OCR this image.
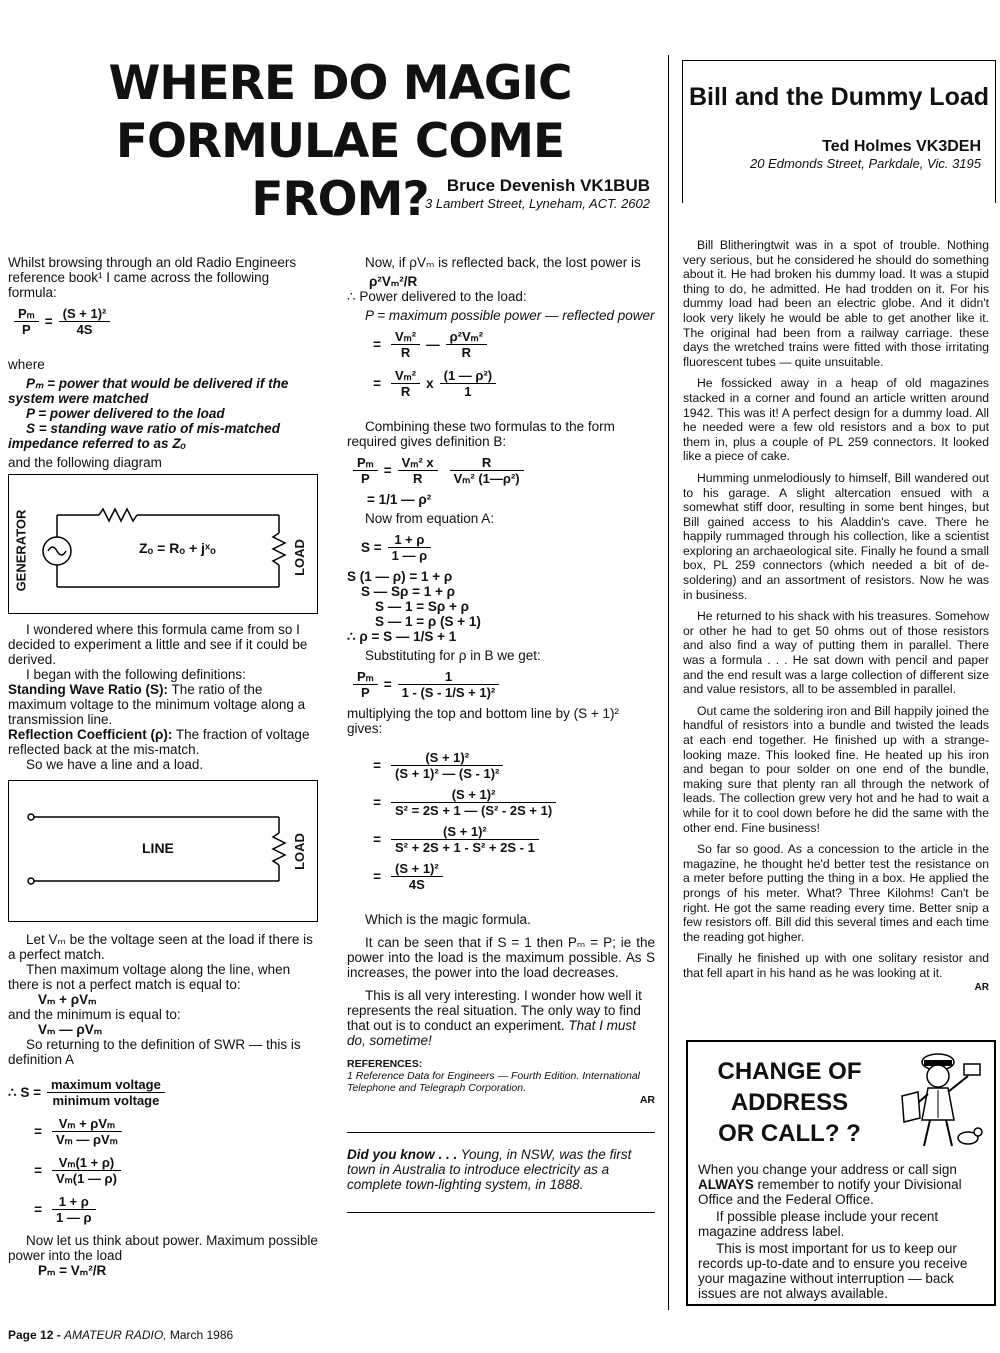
WHERE DO MAGIC
FORMULAE COME FROM?	Bruce Devenish VK1BUB
3 Lambert Street, Lyneham, ACT. 2602

Whilst browsing through an old Radio Engineers reference book¹ I came across the following formula:

Pₘ
P
=
(S + 1)²
4S

where

Pₘ = power that would be delivered if the system were matched

P = power delivered to the load

S = standing wave ratio of mis-matched impedance referred to as Zₒ

and the following diagram

GENERATOR	Zₒ = Rₒ + jˣₒ	LOAD

I wondered where this formula came from so I decided to experiment a little and see if it could be derived.

I began with the following definitions:

Standing Wave Ratio (S): The ratio of the maximum voltage to the minimum voltage along a transmission line.

Reflection Coefficient (ρ): The fraction of voltage reflected back at the mis-match.

So we have a line and a load.

LINE	LOAD

Let Vₘ be the voltage seen at the load if there is a perfect match.

Then maximum voltage along the line, when there is not a perfect match is equal to:

Vₘ + ρVₘ

and the minimum is equal to:

Vₘ — ρVₘ

So returning to the definition of SWR — this is definition A

∴ S =
maximum voltage
minimum voltage
=
Vₘ + ρVₘ
Vₘ — ρVₘ
=
Vₘ(1 + ρ)
Vₘ(1 — ρ)
=
1 + ρ
1 — ρ

Now let us think about power. Maximum possible power into the load

Pₘ = Vₘ²/R

Now, if ρVₘ is reflected back, the lost power is

ρ²Vₘ²/R

∴ Power delivered to the load:

P = maximum possible power — reflected power

=
Vₘ²
R
—
ρ²Vₘ²
R
=
Vₘ²
R
x
(1 — ρ²)
1

Combining these two formulas to the form required gives definition B:

Pₘ
P
=
Vₘ² x
R
R
Vₘ² (1—ρ²)

= 1/1 — ρ²

Now from equation A:

S =
1 + ρ
1 — ρ
S (1 — ρ) = 1 + ρ
S — Sρ = 1 + ρ
S — 1 = Sρ + ρ
S — 1 = ρ (S + 1)
∴ ρ = S — 1/S + 1

Substituting for ρ in B we get:

Pₘ
P
=
1
1 - (S - 1/S + 1)²

multiplying the top and bottom line by (S + 1)² gives:

=
(S + 1)²
(S + 1)² — (S - 1)²
=
(S + 1)²
S² = 2S + 1 — (S² - 2S + 1)
=
(S + 1)²
S² + 2S + 1 - S² + 2S - 1
=
(S + 1)²
4S

Which is the magic formula.

It can be seen that if S = 1 then Pₘ = P; ie the power into the load is the maximum possible. As S increases, the power into the load decreases.

This is all very interesting. I wonder how well it represents the real situation. The only way to find that out is to conduct an experiment. That I must do, sometime!

REFERENCES:
1 Reference Data for Engineers — Fourth Edition. International Telephone and Telegraph Corporation.
AR

Did you know . . . Young, in NSW, was the first town in Australia to introduce electricity as a complete town-lighting system, in 1888.

Bill and the Dummy Load
Ted Holmes VK3DEH
20 Edmonds Street, Parkdale, Vic. 3195

Bill Blitheringtwit was in a spot of trouble. Nothing very serious, but he considered he should do something about it. He had broken his dummy load. It was a stupid thing to do, he admitted. He had trodden on it. For his dummy load had been an electric globe. And it didn't look very likely he would be able to get another like it. The original had been from a railway carriage. these days the wretched trains were fitted with those irritating fluorescent tubes — quite unsuitable.

He fossicked away in a heap of old magazines stacked in a corner and found an article written around 1942. This was it! A perfect design for a dummy load. All he needed were a few old resistors and a box to put them in, plus a couple of PL 259 connectors. It looked like a piece of cake.

Humming unmelodiously to himself, Bill wandered out to his garage. A slight altercation ensued with a somewhat stiff door, resulting in some bent hinges, but Bill gained access to his Aladdin's cave. There he happily rummaged through his collection, like a scientist exploring an archaeological site. Finally he found a small box, PL 259 connectors (which needed a bit of de-soldering) and an assortment of resistors. Now he was in business.

He returned to his shack with his treasures. Somehow or other he had to get 50 ohms out of those resistors and also find a way of putting them in parallel. There was a formula . . . He sat down with pencil and paper and the end result was a large collection of different size and value resistors, all to be assembled in parallel.

Out came the soldering iron and Bill happily joined the handful of resistors into a bundle and twisted the leads at each end together. He finished up with a strange-looking maze. This looked fine. He heated up his iron and began to pour solder on one end of the bundle, making sure that plenty ran all through the network of leads. The collection grew very hot and he had to wait a while for it to cool down before he did the same with the other end. Fine business!

So far so good. As a concession to the article in the magazine, he thought he'd better test the resistance on a meter before putting the thing in a box. He applied the prongs of his meter. What? Three Kilohms! Can't be right. He got the same reading every time. Better snip a few resistors off. Bill did this several times and each time the reading got higher.

Finally he finished up with one solitary resistor and that fell apart in his hand as he was looking at it.

AR
CHANGE OF
ADDRESS
OR CALL? ?

When you change your address or call sign ALWAYS remember to notify your Divisional Office and the Federal Office.

If possible please include your recent magazine address label.

This is most important for us to keep our records up-to-date and to ensure you receive your magazine without interruption — back issues are not always available.

Page 12 - AMATEUR RADIO, March 1986
